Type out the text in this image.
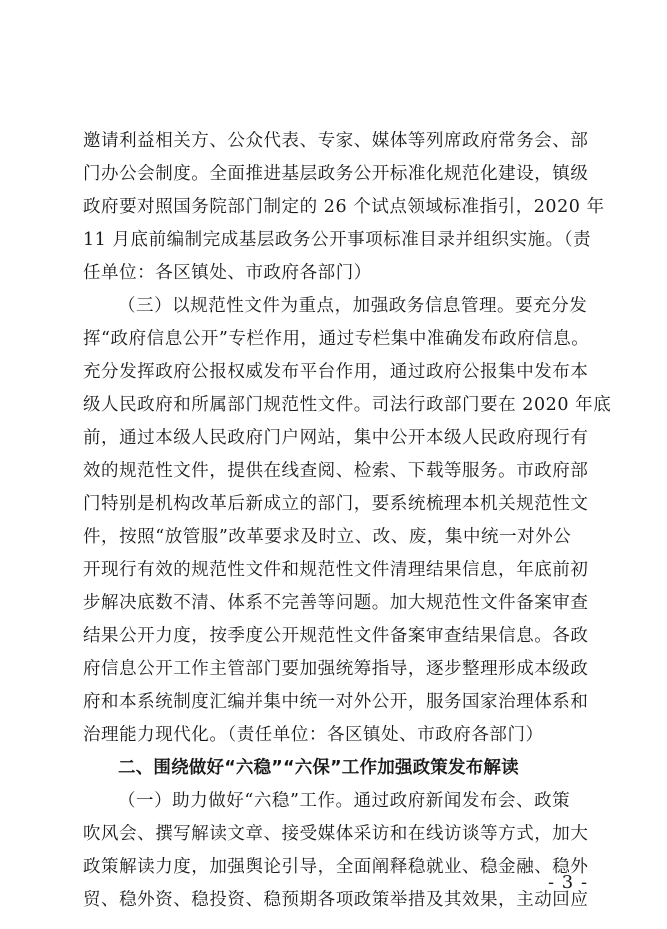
邀请利益相关方、公众代表、专家、媒体等列席政府常务会、部
门办公会制度。全面推进基层政务公开标准化规范化建设，镇级
政府要对照国务院部门制定的 26 个试点领域标准指引，2020 年
11 月底前编制完成基层政务公开事项标准目录并组织实施。（责
任单位：各区镇处、市政府各部门）
（三）以规范性文件为重点，加强政务信息管理。要充分发
挥“政府信息公开”专栏作用，通过专栏集中准确发布政府信息。
充分发挥政府公报权威发布平台作用，通过政府公报集中发布本
级人民政府和所属部门规范性文件。司法行政部门要在 2020 年底
前，通过本级人民政府门户网站，集中公开本级人民政府现行有
效的规范性文件，提供在线查阅、检索、下载等服务。市政府部
门特别是机构改革后新成立的部门，要系统梳理本机关规范性文
件，按照“放管服”改革要求及时立、改、废，集中统一对外公
开现行有效的规范性文件和规范性文件清理结果信息，年底前初
步解决底数不清、体系不完善等问题。加大规范性文件备案审查
结果公开力度，按季度公开规范性文件备案审查结果信息。各政
府信息公开工作主管部门要加强统筹指导，逐步整理形成本级政
府和本系统制度汇编并集中统一对外公开，服务国家治理体系和
治理能力现代化。（责任单位：各区镇处、市政府各部门）
二、围绕做好“六稳”“六保”工作加强政策发布解读
（一）助力做好“六稳”工作。通过政府新闻发布会、政策
吹风会、撰写解读文章、接受媒体采访和在线访谈等方式，加大
政策解读力度，加强舆论引导，全面阐释稳就业、稳金融、稳外
贸、稳外资、稳投资、稳预期各项政策举措及其效果，主动回应
- 3 -
